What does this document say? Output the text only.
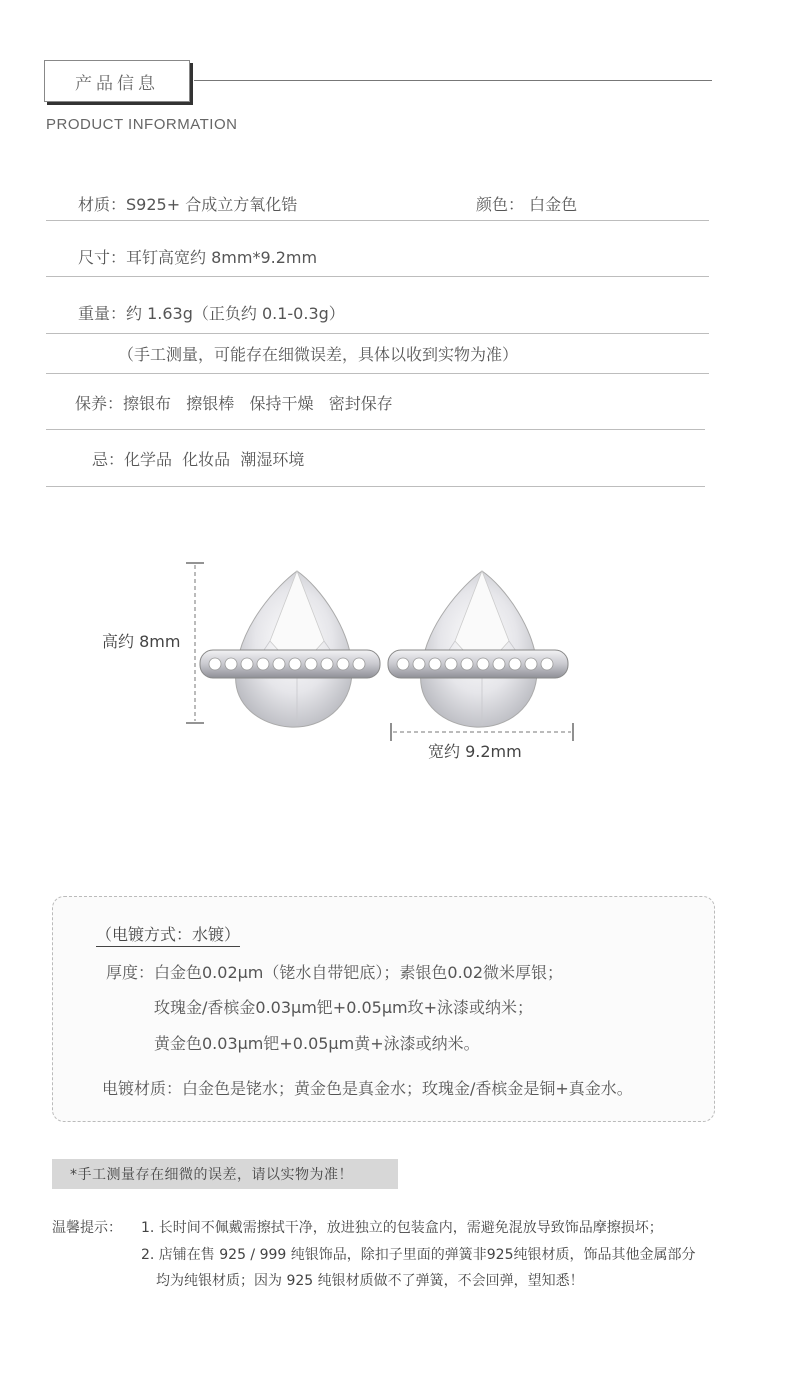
产品信息
PRODUCT INFORMATION
材质：S925+ 合成立方氧化锆	颜色： 白金色
尺寸：耳钉高宽约 8mm*9.2mm
重量：约 1.63g（正负约 0.1-0.3g）
（手工测量，可能存在细微误差，具体以收到实物为准）
保养：擦银布   擦银棒   保持干燥   密封保存
忌：化学品  化妆品  潮湿环境
高约 8mm
宽约 9.2mm
（电镀方式：水镀）
厚度：白金色0.02μm（铑水自带钯底）；素银色0.02微米厚银；
玫瑰金/香槟金0.03μm钯+0.05μm玫+泳漆或纳米；
黄金色0.03μm钯+0.05μm黄+泳漆或纳米。
电镀材质：白金色是铑水；黄金色是真金水；玫瑰金/香槟金是铜+真金水。
*手工测量存在细微的误差，请以实物为准！
温馨提示： 1. 长时间不佩戴需擦拭干净，放进独立的包装盒内，需避免混放导致饰品摩擦损坏；
2. 店铺在售 925 / 999 纯银饰品，除扣子里面的弹簧非925纯银材质，饰品其他金属部分
均为纯银材质；因为 925 纯银材质做不了弹簧，不会回弹，望知悉！
